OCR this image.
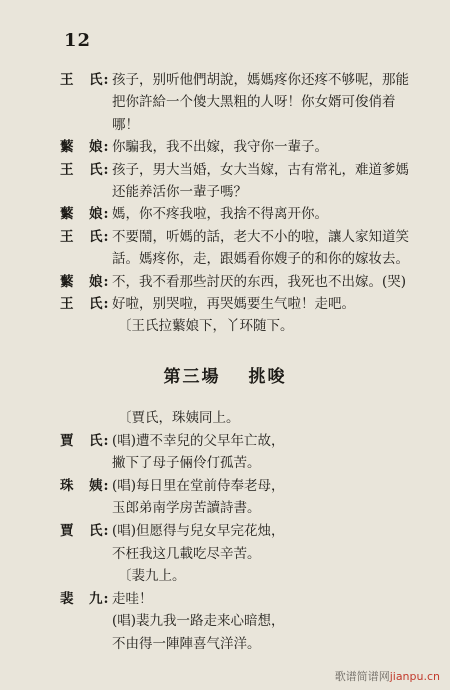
12
王　氏: 孩子，别听他們胡說，媽媽疼你还疼不够呢，那能
把你許給一个傻大黑粗的人呀！你女婿可俊俏着
哪！
蘩　娘: 你騙我，我不出嫁，我守你一輩子。
王　氏: 孩子，男大当婚，女大当嫁，古有常礼，难道爹媽
还能养活你一輩子嗎？
蘩　娘: 媽，你不疼我啦，我捨不得离开你。
王　氏: 不要鬧，听媽的話，老大不小的啦，讓人家知道笑
話。媽疼你，走，跟媽看你嫂子的和你的嫁妆去。
蘩　娘: 不，我不看那些討厌的东西，我死也不出嫁。(哭)
王　氏: 好啦，别哭啦，再哭媽要生气啦！走吧。
〔王氏拉蘩娘下，丫环随下。
第三場 挑唆
〔賈氏，珠姨同上。
賈　氏: (唱)遭不幸兒的父早年亡故，
撇下了母子倆伶仃孤苦。
珠　姨: (唱)每日里在堂前侍奉老母，
玉郎弟南学房苦讀詩書。
賈　氏: (唱)但愿得与兒女早完花烛，
不枉我这几載吃尽辛苦。
〔裴九上。
裴　九: 走哇！
(唱)裴九我一路走来心暗想，
不由得一陣陣喜气洋洋。
歌谱简谱网jianpu.cn
